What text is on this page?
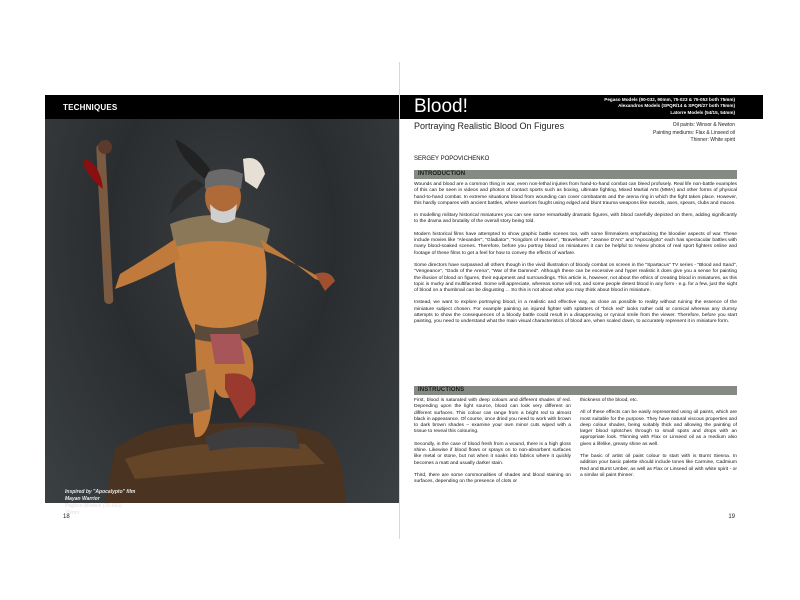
TECHNIQUES
Inspired by "Apocalypto" film
Mayan Warrior
Pegaso Models (75-053)
75mm
18
Blood!	Pegaso Models (90-032, 90mm, 75-023 & 75-053 both 75mm)
Alexandros Models (SPQR/14 & SPQR/27 both 75mm)
Latorre Models (54/15, 54mm)
Portraying Realistic Blood On Figures	Oil paints: Winsor & Newton
Painting mediums: Flax & Linseed oil
Thinner: White spirit
SERGEY POPOVICHENKO
INTRODUCTION

Wounds and blood are a common thing in war, even non-lethal injuries from hand-to-hand combat can bleed profusely. Real life non-battle examples of this can be seen in videos and photos of contact sports such as boxing, ultimate fighting, Mixed Martial Arts (MMA) and other forms of physical hand-to-hand combat. In extreme situations blood from wounding can cover combatants and the arena ring in which the fight takes place. However, this hardly compares with ancient battles, where warriors fought using edged and blunt trauma weapons like swords, axes, spears, clubs and maces.

In modelling military historical miniatures you can see some remarkably dramatic figures, with blood carefully depicted on them, adding significantly to the drama and brutality of the overall story being told.

Modern historical films have attempted to show graphic battle scenes too, with some filmmakers emphasizing the bloodier aspects of war. These include movies like "Alexander", "Gladiator", "Kingdom of Heaven", "Braveheart", "Jeanne D'Arc" and "Apocalypto" each has spectacular battles with many blood-soaked scenes. Therefore, before you portray blood on miniatures it can be helpful to review photos of real sport fighters online and footage of these films to get a feel for how to convey the effects of warfare.

Some directors have surpassed all others though in the vivid illustration of bloody combat on screen in the "Spartacus" TV series - "Blood and Sand", "Vengeance", "Gods of the Arena", "War of the Damned". Although these can be excessive and hyper realistic it does give you a sense for painting the illusion of blood on figures, their equipment and surroundings. This article is, however, not about the ethics of creating blood in miniatures, as this topic is murky and multifaceted. Some will appreciate, whereas some will not, and some people detest blood in any form - e.g. for a few, just the sight of blood on a thumbnail can be disgusting ... So this is not about what you may think about blood in miniature.

Instead, we want to explore portraying blood, in a realistic and effective way, as close as possible to reality without ruining the essence of the miniature subject chosen. For example painting an injured fighter with splatters of "brick red" looks rather odd or comical whereas any clumsy attempts to show the consequences of a bloody battle could result in a disapproving or cynical smile from the viewer. Therefore, before you start painting, you need to understand what the main visual characteristics of blood are, when scaled down, to accurately represent it in miniature form.

INSTRUCTIONS

First, blood is saturated with deep colours and different shades of red. Depending upon the light source, blood can look very different on different surfaces. This colour can range from a bright red to almost black in appearance. Of course, once dried you need to work with brown to dark brown shades – examine your own minor cuts wiped with a tissue to reveal this colouring.

Secondly, in the case of blood fresh from a wound, there is a high gloss shine. Likewise if blood flows or sprays on to non-absorbent surfaces like metal or stone, but not when it soaks into fabrics where it quickly becomes a matt and usually darker stain.

Third, there are some commonalities of shades and blood staining on surfaces, depending on the presence of clots or

thickness of the blood, etc.

All of these effects can be easily represented using oil paints, which are most suitable for the purpose. They have natural viscous properties and deep colour shades, being suitably thick and allowing the painting of larger blood splotches through to small spots and drops with an appropriate look. Thinning with Flax or Linseed oil as a medium also gives a lifelike, greasy shine as well.

The basic of artist oil paint colour to start with is Burnt Sienna. In addition your basic palette should include tones like Carmine, Cadmium Red and Burnt Umber, as well as Flax or Linseed oil with white spirit - or a similar oil paint thinner.

19
